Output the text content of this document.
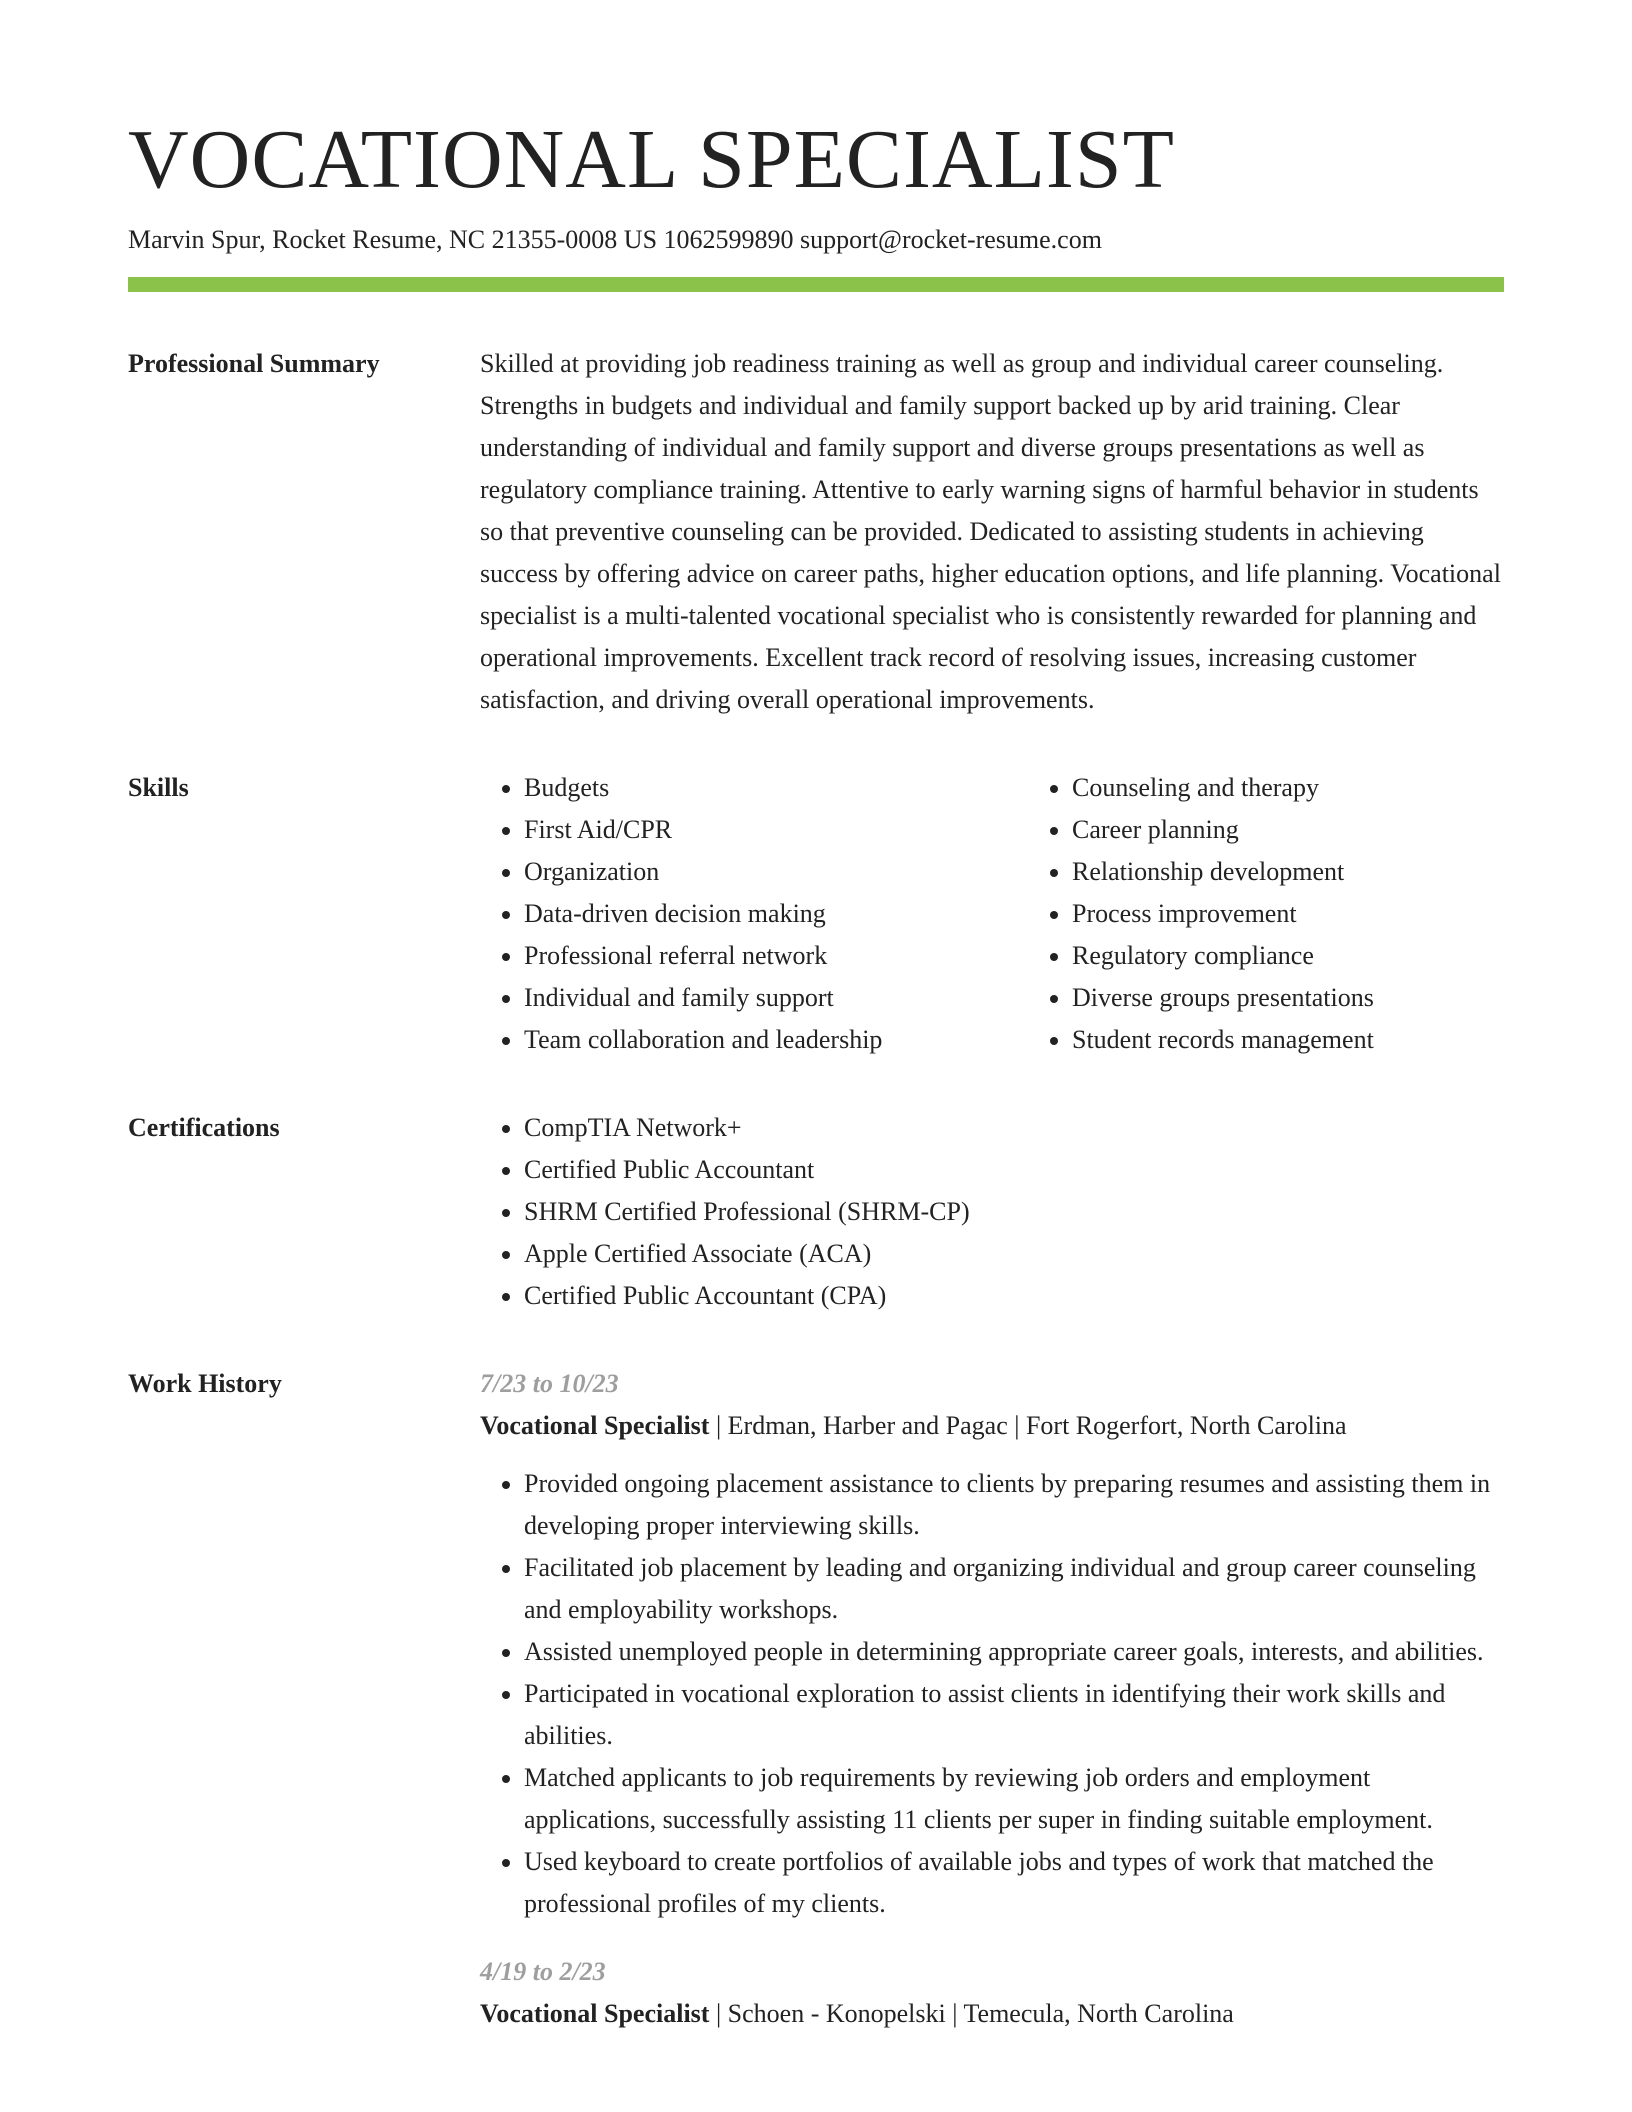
VOCATIONAL SPECIALIST
Marvin Spur, Rocket Resume, NC 21355-0008 US 1062599890 support@rocket-resume.com
Professional Summary	Skilled at providing job readiness training as well as group and individual career counseling. Strengths in budgets and individual and family support backed up by arid training. Clear understanding of individual and family support and diverse groups presentations as well as regulatory compliance training. Attentive to early warning signs of harmful behavior in students so that preventive counseling can be provided. Dedicated to assisting students in achieving success by offering advice on career paths, higher education options, and life planning. Vocational specialist is a multi-talented vocational specialist who is consistently rewarded for planning and operational improvements. Excellent track record of resolving issues, increasing customer satisfaction, and driving overall operational improvements.

Skills	• Budgets
• First Aid/CPR
• Organization
• Data-driven decision making
• Professional referral network
• Individual and family support
• Team collaboration and leadership
• Counseling and therapy
• Career planning
• Relationship development
• Process improvement
• Regulatory compliance
• Diverse groups presentations
• Student records management
Certifications	• CompTIA Network+
• Certified Public Accountant
• SHRM Certified Professional (SHRM-CP)
• Apple Certified Associate (ACA)
• Certified Public Accountant (CPA)
Work History	7/23 to 10/23
Vocational Specialist | Erdman, Harber and Pagac | Fort Rogerfort, North Carolina
• Provided ongoing placement assistance to clients by preparing resumes and assisting them in developing proper interviewing skills.
• Facilitated job placement by leading and organizing individual and group career counseling and employability workshops.
• Assisted unemployed people in determining appropriate career goals, interests, and abilities.
• Participated in vocational exploration to assist clients in identifying their work skills and abilities.
• Matched applicants to job requirements by reviewing job orders and employment applications, successfully assisting 11 clients per super in finding suitable employment.
• Used keyboard to create portfolios of available jobs and types of work that matched the professional profiles of my clients.
4/19 to 2/23
Vocational Specialist | Schoen - Konopelski | Temecula, North Carolina
